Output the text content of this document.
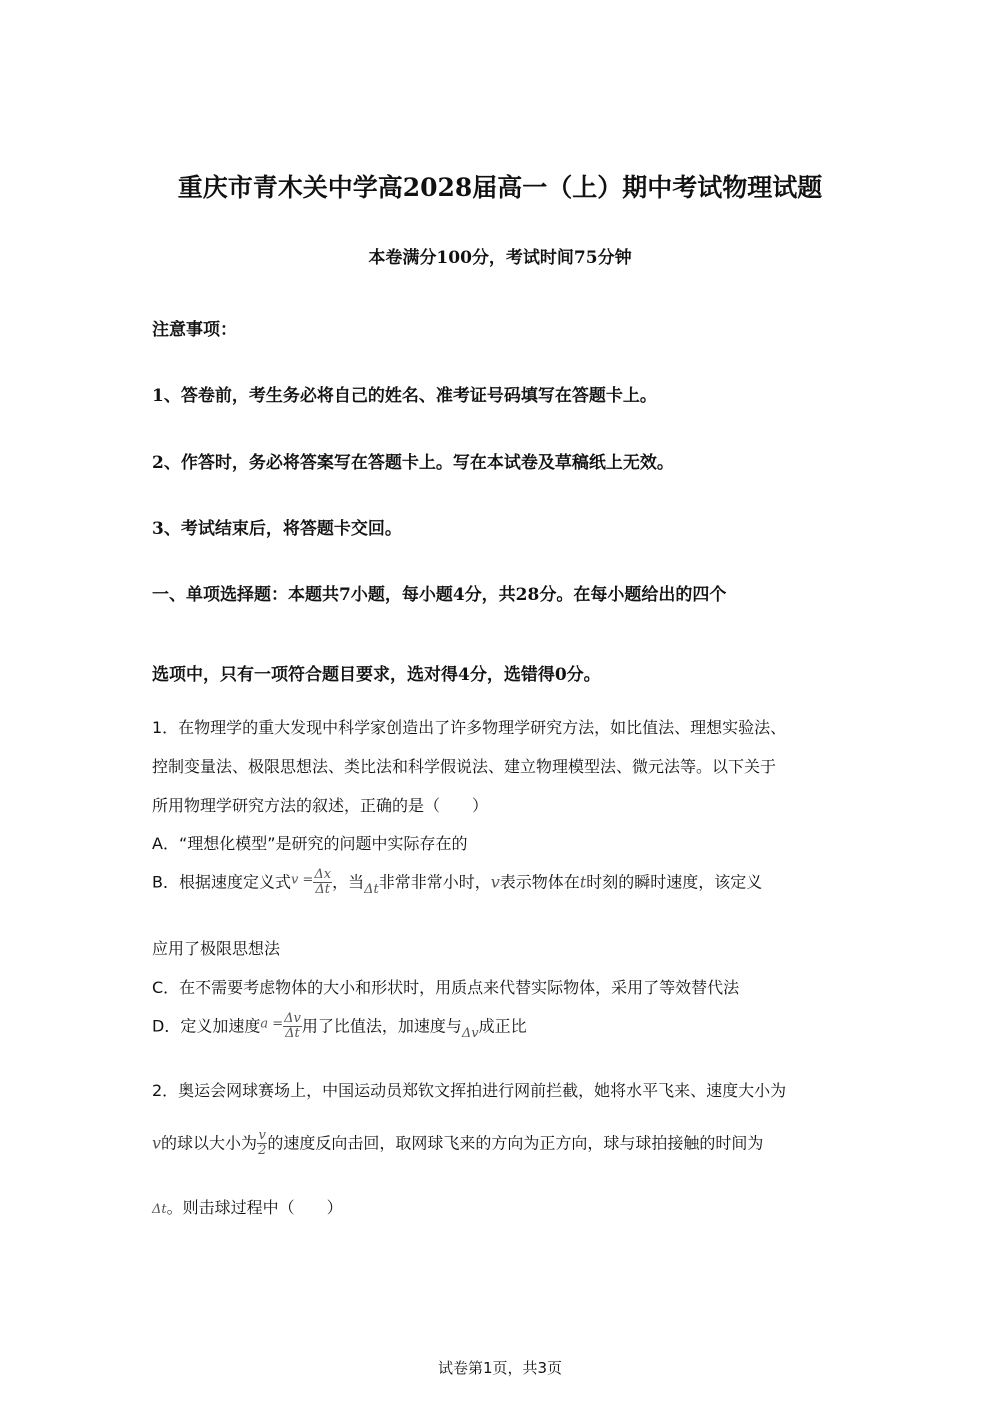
重庆市青木关中学高2028届高一（上）期中考试物理试题
本卷满分100分，考试时间75分钟
注意事项：
1、答卷前，考生务必将自己的姓名、准考证号码填写在答题卡上。
2、作答时，务必将答案写在答题卡上。写在本试卷及草稿纸上无效。
3、考试结束后，将答题卡交回。
一、单项选择题：本题共7小题，每小题4分，共28分。在每小题给出的四个
选项中，只有一项符合题目要求，选对得4分，选错得0分。
1．在物理学的重大发现中科学家创造出了许多物理学研究方法，如比值法、理想实验法、
控制变量法、极限思想法、类比法和科学假说法、建立物理模型法、微元法等。以下关于
所用物理学研究方法的叙述，正确的是（　　）
A．“理想化模型”是研究的问题中实际存在的
B．根据速度定义式$^{v =} \frac{\Delta x}{\Delta t}$ ，当Δt非常非常小时，v表示物体在t时刻的瞬时速度，该定义
应用了极限思想法
C．在不需要考虑物体的大小和形状时，用质点来代替实际物体，采用了等效替代法
D．定义加速度$^{a =} \frac{\Delta v}{\Delta t}$ 用了比值法，加速度与Δv成正比
2．奥运会网球赛场上，中国运动员郑钦文挥拍进行网前拦截，她将水平飞来、速度大小为
v的球以大小为 $\frac{v}{2}$ 的速度反向击回，取网球飞来的方向为正方向，球与球拍接触的时间为
Δt。则击球过程中（　　）
试卷第1页，共3页
